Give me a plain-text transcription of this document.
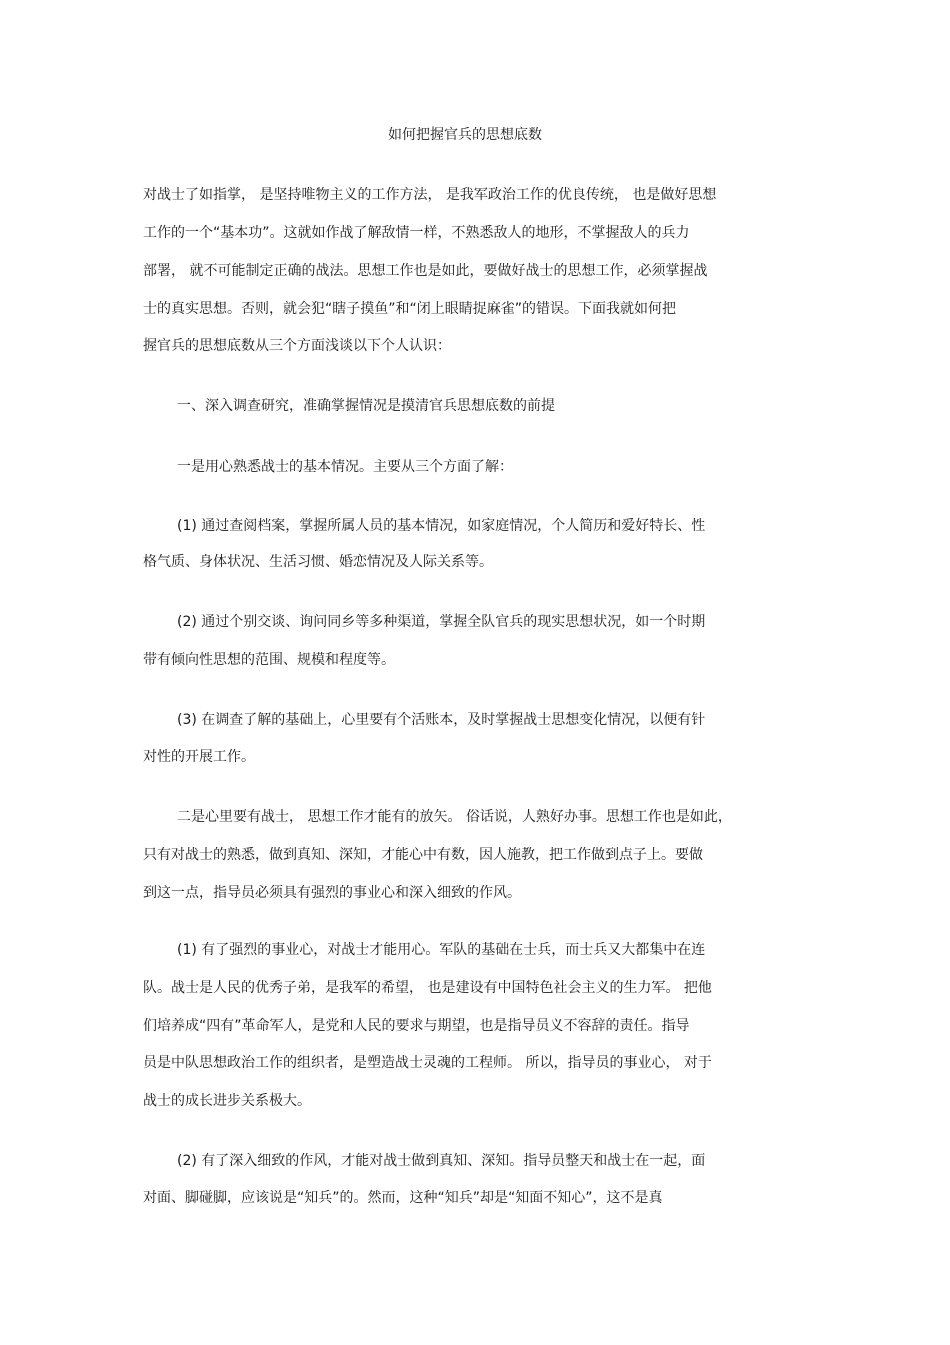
如何把握官兵的思想底数
对战士了如指掌， 是坚持唯物主义的工作方法， 是我军政治工作的优良传统， 也是做好思想
工作的一个“基本功”。这就如作战了解敌情一样，不熟悉敌人的地形，不掌握敌人的兵力
部署， 就不可能制定正确的战法。思想工作也是如此，要做好战士的思想工作，必须掌握战
士的真实思想。否则，就会犯“瞎子摸鱼”和“闭上眼睛捉麻雀”的错误。下面我就如何把
握官兵的思想底数从三个方面浅谈以下个人认识：
一、深入调查研究，准确掌握情况是摸清官兵思想底数的前提
一是用心熟悉战士的基本情况。主要从三个方面了解：
(1) 通过查阅档案，掌握所属人员的基本情况，如家庭情况，个人简历和爱好特长、性
格气质、身体状况、生活习惯、婚恋情况及人际关系等。
(2) 通过个别交谈、询问同乡等多种渠道，掌握全队官兵的现实思想状况，如一个时期
带有倾向性思想的范围、规模和程度等。
(3) 在调查了解的基础上，心里要有个活账本，及时掌握战士思想变化情况，以便有针
对性的开展工作。
二是心里要有战士， 思想工作才能有的放矢。 俗话说，人熟好办事。思想工作也是如此，
只有对战士的熟悉，做到真知、深知，才能心中有数，因人施教，把工作做到点子上。要做
到这一点，指导员必须具有强烈的事业心和深入细致的作风。
(1) 有了强烈的事业心，对战士才能用心。军队的基础在士兵，而士兵又大都集中在连
队。战士是人民的优秀子弟，是我军的希望， 也是建设有中国特色社会主义的生力军。 把他
们培养成“四有”革命军人，是党和人民的要求与期望，也是指导员义不容辞的责任。指导
员是中队思想政治工作的组织者，是塑造战士灵魂的工程师。 所以，指导员的事业心， 对于
战士的成长进步关系极大。
(2) 有了深入细致的作风，才能对战士做到真知、深知。指导员整天和战士在一起，面
对面、脚碰脚，应该说是“知兵”的。然而，这种“知兵”却是“知面不知心”，这不是真
